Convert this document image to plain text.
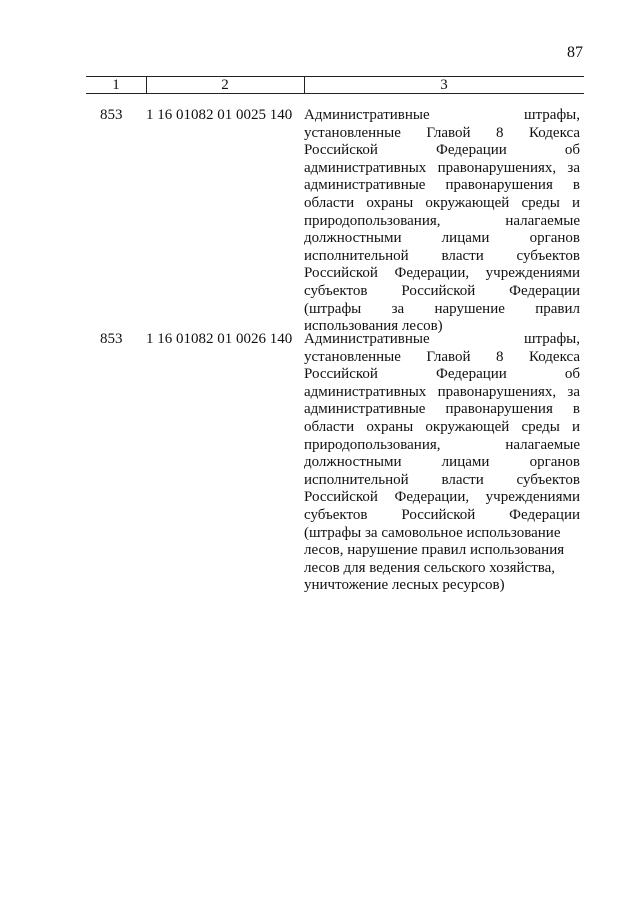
87
1	2	3
853 1 16 01082 01 0025 140 Административные штрафы,
установленные Главой 8 Кодекса
Российской Федерации об
административных правонарушениях, за
административные правонарушения в
области охраны окружающей среды и
природопользования, налагаемые
должностными лицами органов
исполнительной власти субъектов
Российской Федерации, учреждениями
субъектов Российской Федерации
(штрафы за нарушение правил
использования лесов)
853 1 16 01082 01 0026 140 Административные штрафы,
установленные Главой 8 Кодекса
Российской Федерации об
административных правонарушениях, за
административные правонарушения в
области охраны окружающей среды и
природопользования, налагаемые
должностными лицами органов
исполнительной власти субъектов
Российской Федерации, учреждениями
субъектов Российской Федерации
(штрафы за самовольное использование
лесов, нарушение правил использования
лесов для ведения сельского хозяйства,
уничтожение лесных ресурсов)
